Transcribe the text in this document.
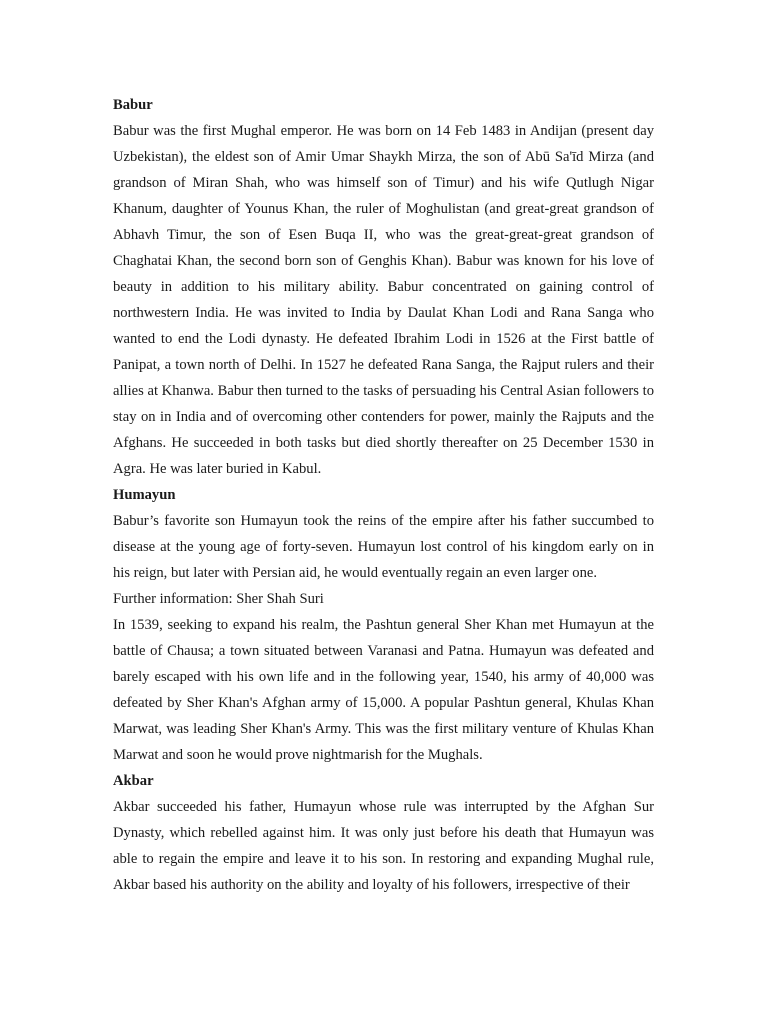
Babur

Babur was the first Mughal emperor. He was born on 14 Feb 1483 in Andijan (present day Uzbekistan), the eldest son of Amir Umar Shaykh Mirza, the son of Abū Sa'īd Mirza (and grandson of Miran Shah, who was himself son of Timur) and his wife Qutlugh Nigar Khanum, daughter of Younus Khan, the ruler of Moghulistan (and great-great grandson of Abhavh Timur, the son of Esen Buqa II, who was the great-great-great grandson of Chaghatai Khan, the second born son of Genghis Khan). Babur was known for his love of beauty in addition to his military ability. Babur concentrated on gaining control of northwestern India. He was invited to India by Daulat Khan Lodi and Rana Sanga who wanted to end the Lodi dynasty. He defeated Ibrahim Lodi in 1526 at the First battle of Panipat, a town north of Delhi. In 1527 he defeated Rana Sanga, the Rajput rulers and their allies at Khanwa. Babur then turned to the tasks of persuading his Central Asian followers to stay on in India and of overcoming other contenders for power, mainly the Rajputs and the Afghans. He succeeded in both tasks but died shortly thereafter on 25 December 1530 in Agra. He was later buried in Kabul.

Humayun

Babur’s favorite son Humayun took the reins of the empire after his father succumbed to disease at the young age of forty-seven. Humayun lost control of his kingdom early on in his reign, but later with Persian aid, he would eventually regain an even larger one.

Further information: Sher Shah Suri

In 1539, seeking to expand his realm, the Pashtun general Sher Khan met Humayun at the battle of Chausa; a town situated between Varanasi and Patna. Humayun was defeated and barely escaped with his own life and in the following year, 1540, his army of 40,000 was defeated by Sher Khan's Afghan army of 15,000. A popular Pashtun general, Khulas Khan Marwat, was leading Sher Khan's Army. This was the first military venture of Khulas Khan Marwat and soon he would prove nightmarish for the Mughals.

Akbar

Akbar succeeded his father, Humayun whose rule was interrupted by the Afghan Sur Dynasty, which rebelled against him. It was only just before his death that Humayun was able to regain the empire and leave it to his son. In restoring and expanding Mughal rule, Akbar based his authority on the ability and loyalty of his followers, irrespective of their
